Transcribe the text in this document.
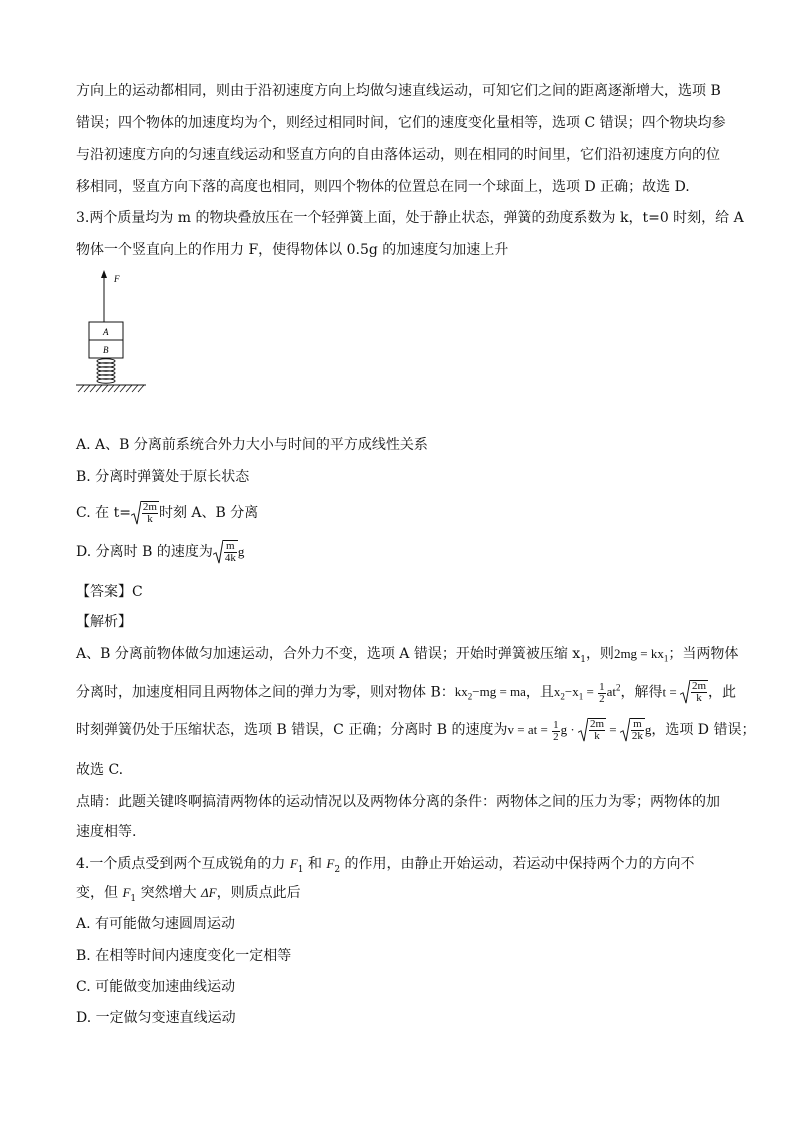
方向上的运动都相同，则由于沿初速度方向上均做匀速直线运动，可知它们之间的距离逐渐增大，选项 B
错误；四个物体的加速度均为个，则经过相同时间，它们的速度变化量相等，选项 C 错误；四个物块均参
与沿初速度方向的匀速直线运动和竖直方向的自由落体运动，则在相同的时间里，它们沿初速度方向的位
移相同，竖直方向下落的高度也相同，则四个物体的位置总在同一个球面上，选项 D 正确；故选 D.
3.两个质量均为 m 的物块叠放压在一个轻弹簧上面，处于静止状态，弹簧的劲度系数为 k，t=0 时刻，给 A
物体一个竖直向上的作用力 F，使得物体以 0.5g 的加速度匀加速上升
F
A
B
A. A、B 分离前系统合外力大小与时间的平方成线性关系
B. 分离时弹簧处于原长状态
C. 在 $t= \frac{2m}{k}$ 时刻 A、B 分离
D. 分离时 B 的速度为 $\frac{m}{4k}$ g
【答案】C
【解析】
A、B 分离前物体做匀加速运动，合外力不变，选项 A 错误；开始时弹簧被压缩 $x_1$，则$2mg = kx_1$；当两物体
分离时，加速度相同且两物体之间的弹力为零，则对物体 B：$kx_2-mg$ = ma，且$x_2-x_1 = \frac{1}{2} at^2$，解得$t = \frac{2m}{k}$ ，此
时刻弹簧仍处于压缩状态，选项 B 错误，C 正确；分离时 B 的速度为v = at = $\frac{1}{2}$ $g \cdot \frac{2m}{k} = \frac{m}{2k}$ g，选项 D 错误；
故选 C.
点睛：此题关键咚啊搞清两物体的运动情况以及两物体分离的条件：两物体之间的压力为零；两物体的加
速度相等.
4.一个质点受到两个互成锐角的力 $F_1$ 和 $F_2$ 的作用，由静止开始运动，若运动中保持两个力的方向不
变，但 $F_1$ 突然增大 ΔF，则质点此后
A. 有可能做匀速圆周运动
B. 在相等时间内速度变化一定相等
C. 可能做变加速曲线运动
D. 一定做匀变速直线运动
